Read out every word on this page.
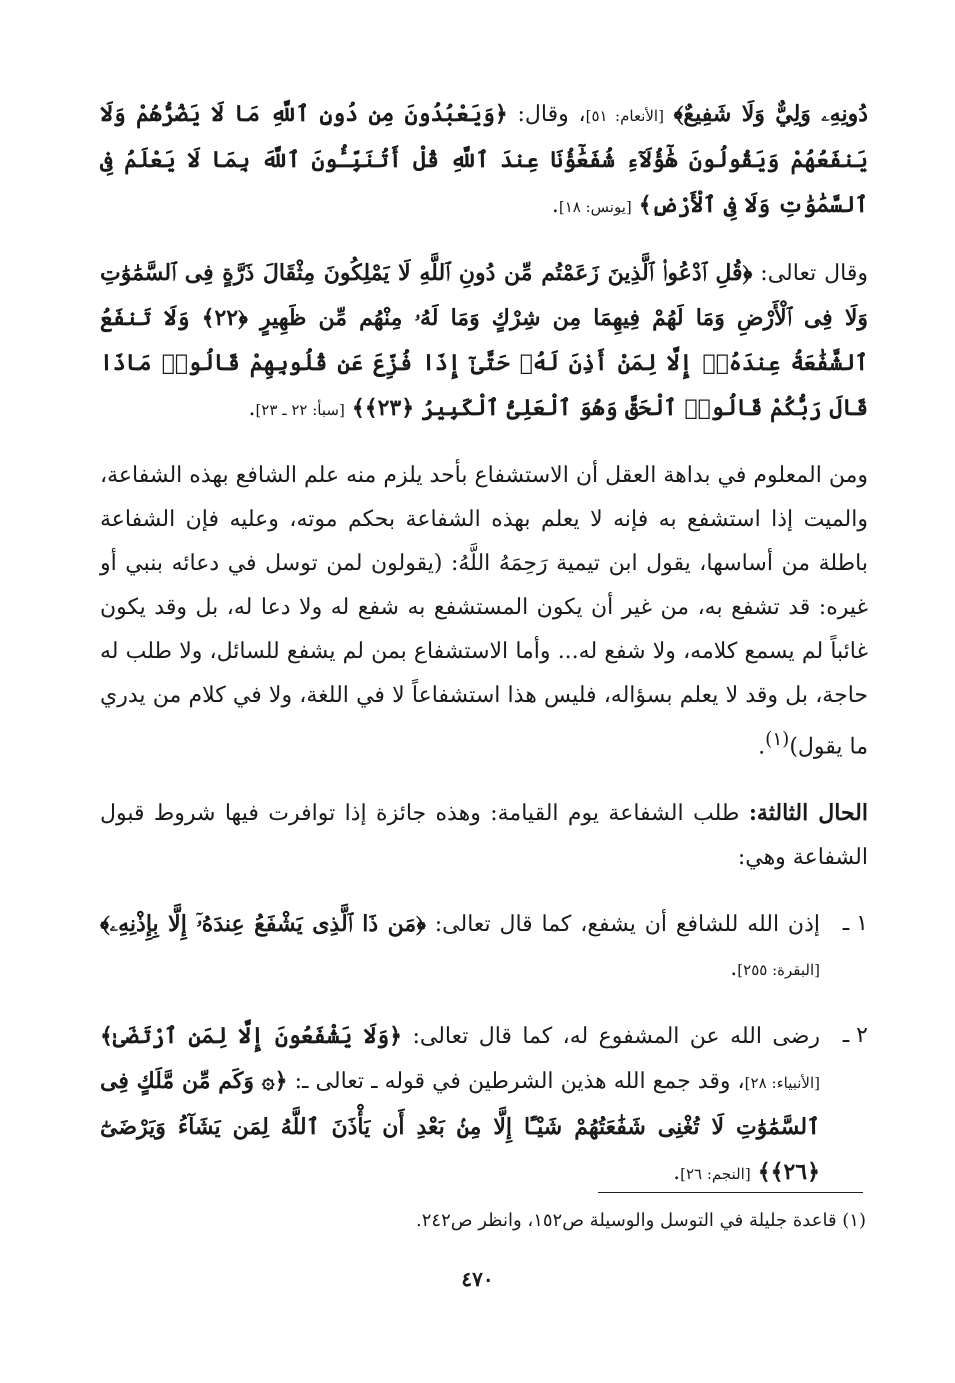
دُونِهِۦ وَلِيٌّ وَلَا شَفِيعٌ﴾ [الأنعام: ٥١]، وقال: ﴿وَيَعْبُدُونَ مِن دُونِ ٱللَّهِ مَا لَا يَضُرُّهُمْ وَلَا يَنفَعُهُمْ وَيَقُولُونَ هَٰٓؤُلَآءِ شُفَعَٰٓؤُنَا عِندَ ٱللَّهِ قُلْ أَتُنَبِّـُٔونَ ٱللَّهَ بِمَا لَا يَعْلَمُ فِى ٱلسَّمَٰوَٰتِ وَلَا فِى ٱلْأَرْضِ﴾ [يونس: ١٨].

وقال تعالى: ﴿قُلِ ٱدْعُوا۟ ٱلَّذِينَ زَعَمْتُم مِّن دُونِ ٱللَّهِ لَا يَمْلِكُونَ مِثْقَالَ ذَرَّةٍ فِى ٱلسَّمَٰوَٰتِ وَلَا فِى ٱلْأَرْضِ وَمَا لَهُمْ فِيهِمَا مِن شِرْكٍ وَمَا لَهُۥ مِنْهُم مِّن ظَهِيرٍ ﴿٢٢﴾ وَلَا تَنفَعُ ٱلشَّفَٰعَةُ عِندَهُۥٓ إِلَّا لِمَنْ أَذِنَ لَهُۥ حَتَّىٰٓ إِذَا فُزِّعَ عَن قُلُوبِهِمْ قَالُوا۟ مَاذَا قَالَ رَبُّكُمْ قَالُوا۟ ٱلْحَقَّ وَهُوَ ٱلْعَلِىُّ ٱلْكَبِيرُ ﴿٢٣﴾﴾ [سبأ: ٢٢ ـ ٢٣].

ومن المعلوم في بداهة العقل أن الاستشفاع بأحد يلزم منه علم الشافع بهذه الشفاعة، والميت إذا استشفع به فإنه لا يعلم بهذه الشفاعة بحكم موته، وعليه فإن الشفاعة باطلة من أساسها، يقول ابن تيمية رَحِمَهُ اللَّهُ: (يقولون لمن توسل في دعائه بنبي أو غيره: قد تشفع به، من غير أن يكون المستشفع به شفع له ولا دعا له، بل وقد يكون غائباً لم يسمع كلامه، ولا شفع له... وأما الاستشفاع بمن لم يشفع للسائل، ولا طلب له حاجة، بل وقد لا يعلم بسؤاله، فليس هذا استشفاعاً لا في اللغة، ولا في كلام من يدري ما يقول)$^{(١)}$.

الحال الثالثة: طلب الشفاعة يوم القيامة: وهذه جائزة إذا توافرت فيها شروط قبول الشفاعة وهي:

١ ـ
إذن الله للشافع أن يشفع، كما قال تعالى: ﴿مَن ذَا ٱلَّذِى يَشْفَعُ عِندَهُۥٓ إِلَّا بِإِذْنِهِۦ﴾ [البقرة: ٢٥٥].

٢ ـ
رضى الله عن المشفوع له، كما قال تعالى: ﴿وَلَا يَشْفَعُونَ إِلَّا لِمَنِ ٱرْتَضَىٰ﴾ [الأنبياء: ٢٨]، وقد جمع الله هذين الشرطين في قوله ـ تعالى ـ: ﴿۞ وَكَم مِّن مَّلَكٍ فِى ٱلسَّمَٰوَٰتِ لَا تُغْنِى شَفَٰعَتُهُمْ شَيْـًٔا إِلَّا مِنۢ بَعْدِ أَن يَأْذَنَ ٱللَّهُ لِمَن يَشَآءُ وَيَرْضَىٰٓ ﴿٢٦﴾﴾ [النجم: ٢٦].

(١) قاعدة جليلة في التوسل والوسيلة ص١٥٢، وانظر ص٢٤٢.
٤٧٠
